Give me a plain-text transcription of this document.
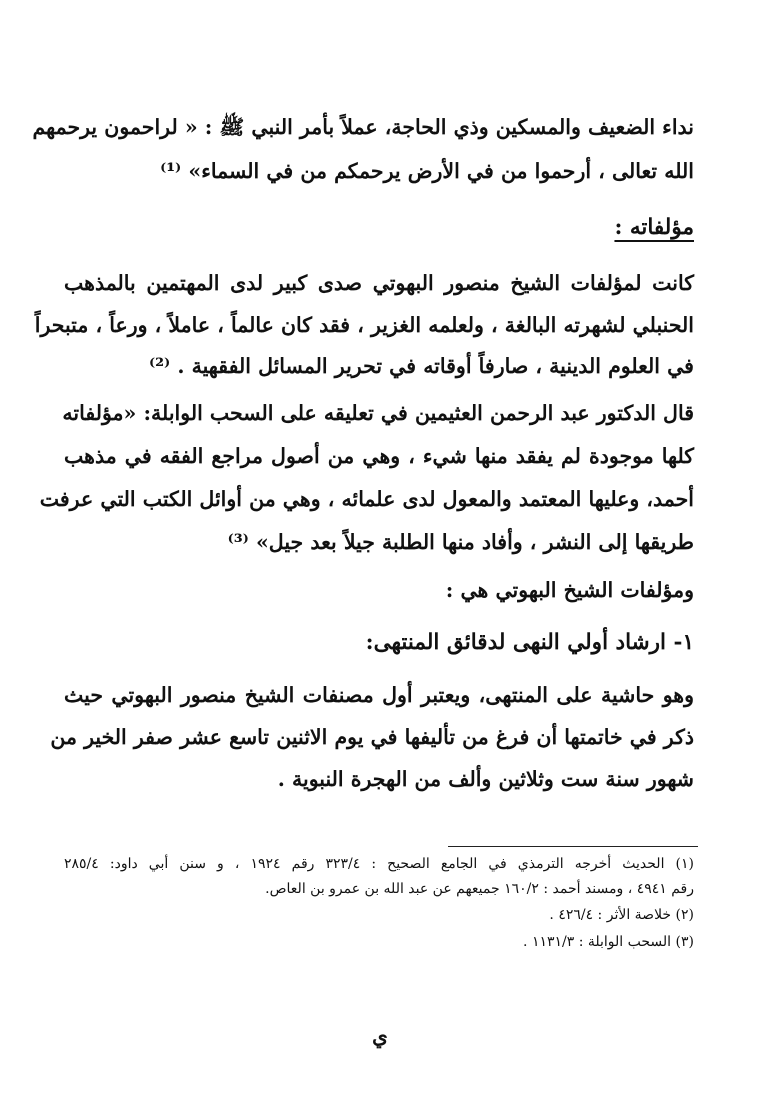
نداء الضعيف والمسكين وذي الحاجة، عملاً بأمر النبي ﷺ : « لراحمون يرحمهم
الله تعالى ، أرحموا من في الأرض يرحمكم من في السماء» ⁽¹⁾
مؤلفاته :
كانت لمؤلفات الشيخ منصور البهوتي صدى كبير لدى المهتمين بالمذهب
الحنبلي لشهرته البالغة ، ولعلمه الغزير ، فقد كان عالماً ، عاملاً ، ورعاً ، متبحراً
في العلوم الدينية ، صارفاً أوقاته في تحرير المسائل الفقهية . ⁽²⁾
قال الدكتور عبد الرحمن العثيمين في تعليقه على السحب الوابلة: «مؤلفاته
كلها موجودة لم يفقد منها شيء ، وهي من أصول مراجع الفقه في مذهب
أحمد، وعليها المعتمد والمعول لدى علمائه ، وهي من أوائل الكتب التي عرفت
طريقها إلى النشر ، وأفاد منها الطلبة جيلاً بعد جيل» ⁽³⁾
ومؤلفات الشيخ البهوتي هي :
١- ارشاد أولي النهى لدقائق المنتهى:
وهو حاشية على المنتهى، ويعتبر أول مصنفات الشيخ منصور البهوتي حيث
ذكر في خاتمتها أن فرغ من تأليفها في يوم الاثنين تاسع عشر صفر الخير من
شهور سنة ست وثلاثين وألف من الهجرة النبوية .
(١) الحديث أخرجه الترمذي في الجامع الصحيح : ٣٢٣/٤ رقم ١٩٢٤ ، و سنن أبي داود: ٢٨٥/٤
رقم ٤٩٤١ ، ومسند أحمد : ١٦٠/٢ جميعهم عن عبد الله بن عمرو بن العاص.
(٢) خلاصة الأثر : ٤٢٦/٤ .
(٣) السحب الوابلة : ١١٣١/٣ .
ي
